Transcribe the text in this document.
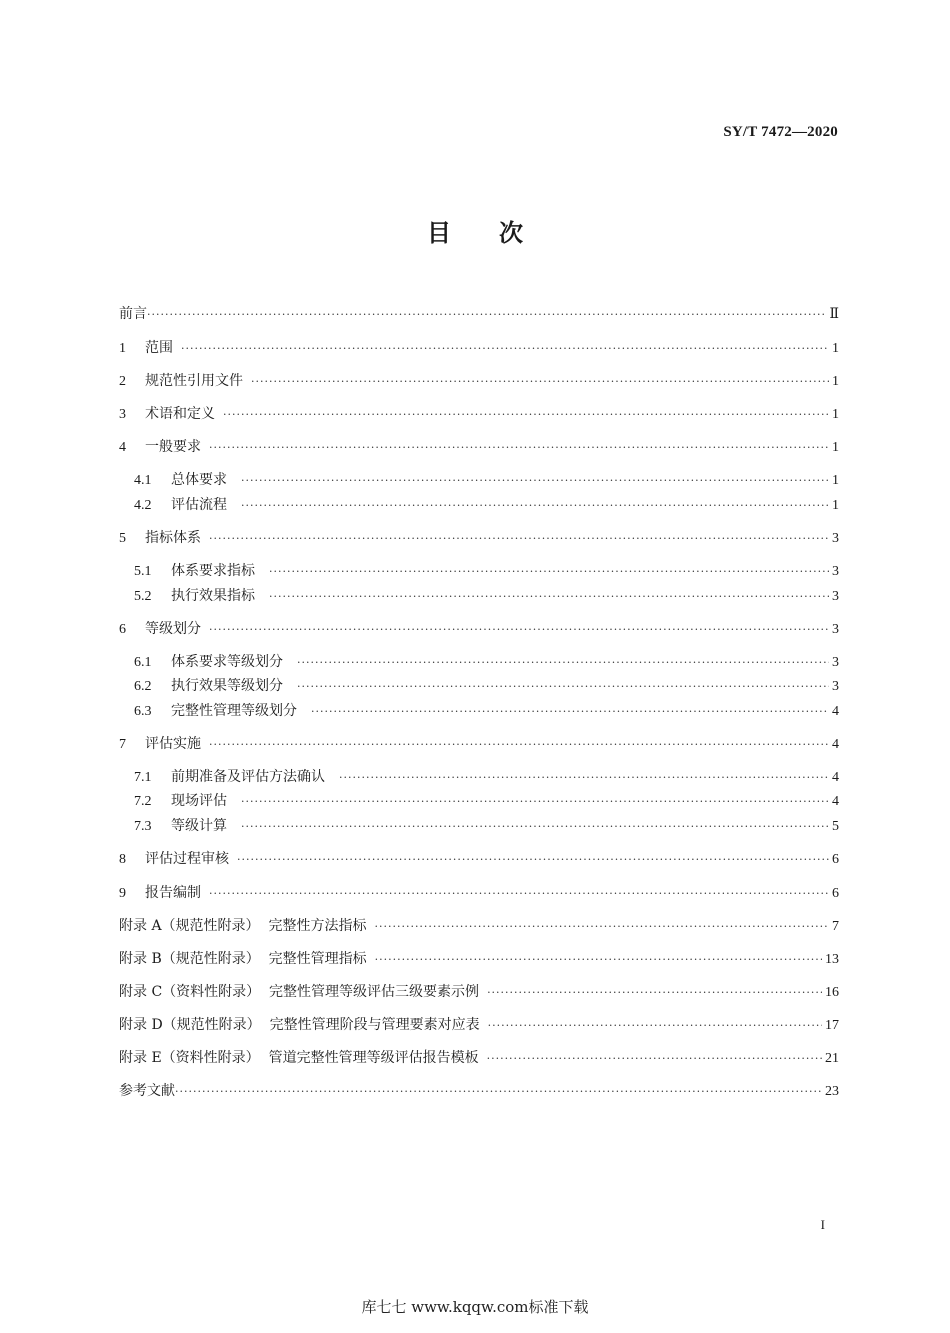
SY/T 7472—2020
目次
前言 ·····	Ⅱ
1	范围 ·····	1
2	规范性引用文件 ·····	1
3	术语和定义 ·····	1
4	一般要求 ·····	1
4.1	总体要求 ·····	1
4.2	评估流程 ·····	1
5	指标体系 ·····	3
5.1	体系要求指标 ·····	3
5.2	执行效果指标 ·····	3
6	等级划分 ·····	3
6.1	体系要求等级划分 ·····	3
6.2	执行效果等级划分 ·····	3
6.3	完整性管理等级划分 ·····	4
7	评估实施 ·····	4
7.1	前期准备及评估方法确认 ·····	4
7.2	现场评估 ·····	4
7.3	等级计算 ·····	5
8	评估过程审核 ·····	6
9	报告编制 ·····	6
附录 A（规范性附录）  完整性方法指标 ·····	7
附录 B（规范性附录）  完整性管理指标 ·····	13
附录 C（资料性附录）  完整性管理等级评估三级要素示例 ·····	16
附录 D（规范性附录）  完整性管理阶段与管理要素对应表 ·····	17
附录 E（资料性附录）  管道完整性管理等级评估报告模板 ·····	21
参考文献 ·····	23
I
库七七 www.kqqw.com标准下载
